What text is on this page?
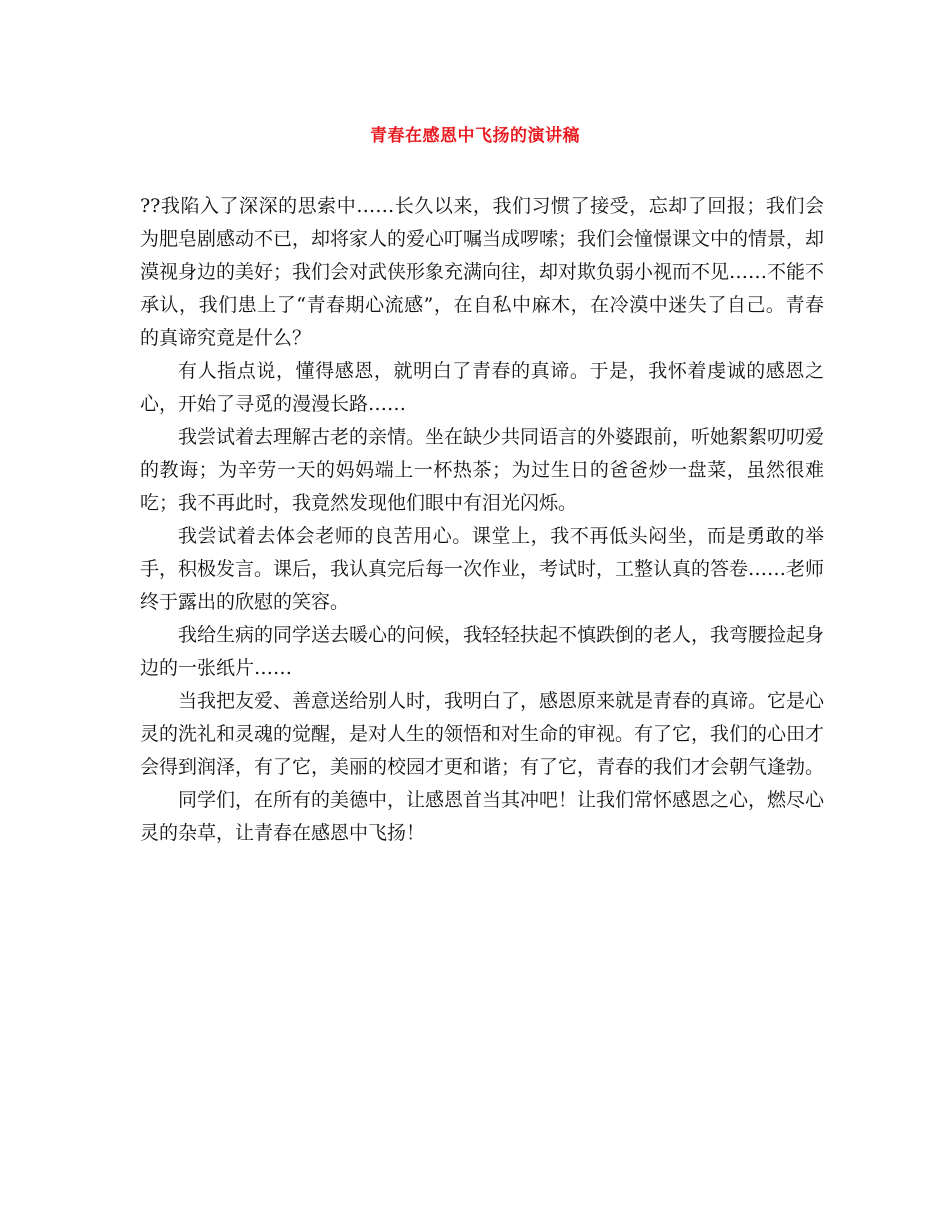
青春在感恩中飞扬的演讲稿

??我陷入了深深的思索中……长久以来，我们习惯了接受，忘却了回报；我们会为肥皂剧感动不已，却将家人的爱心叮嘱当成啰嗦；我们会憧憬课文中的情景，却漠视身边的美好；我们会对武侠形象充满向往，却对欺负弱小视而不见……不能不承认，我们患上了“青春期心流感”，在自私中麻木，在冷漠中迷失了自己。青春的真谛究竟是什么？

有人指点说，懂得感恩，就明白了青春的真谛。于是，我怀着虔诚的感恩之心，开始了寻觅的漫漫长路……

我尝试着去理解古老的亲情。坐在缺少共同语言的外婆跟前，听她絮絮叨叨爱的教诲；为辛劳一天的妈妈端上一杯热茶；为过生日的爸爸炒一盘菜，虽然很难吃；我不再此时，我竟然发现他们眼中有泪光闪烁。

我尝试着去体会老师的良苦用心。课堂上，我不再低头闷坐，而是勇敢的举手，积极发言。课后，我认真完后每一次作业，考试时，工整认真的答卷……老师终于露出的欣慰的笑容。

我给生病的同学送去暖心的问候，我轻轻扶起不慎跌倒的老人，我弯腰捡起身边的一张纸片……

当我把友爱、善意送给别人时，我明白了，感恩原来就是青春的真谛。它是心灵的洗礼和灵魂的觉醒，是对人生的领悟和对生命的审视。有了它，我们的心田才会得到润泽，有了它，美丽的校园才更和谐；有了它，青春的我们才会朝气逢勃。

同学们，在所有的美德中，让感恩首当其冲吧！让我们常怀感恩之心，燃尽心灵的杂草，让青春在感恩中飞扬！
